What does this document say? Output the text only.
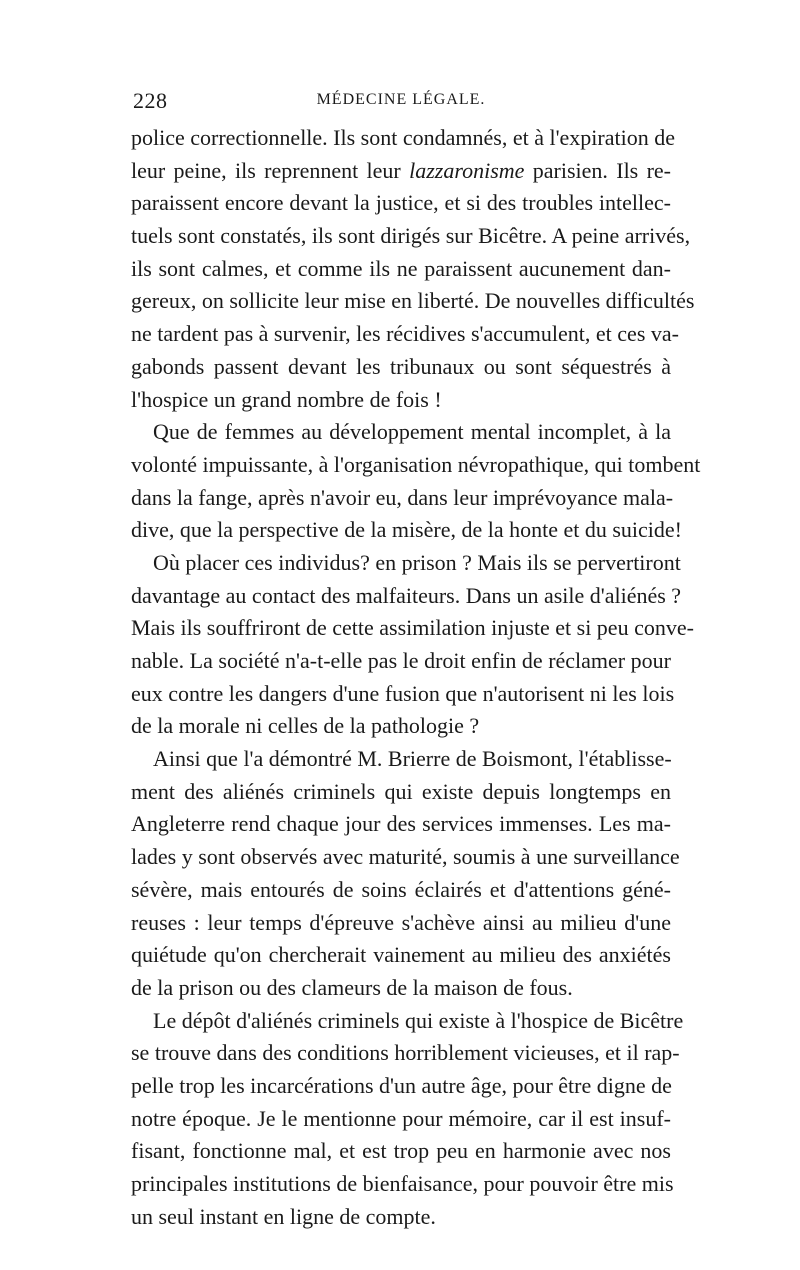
228	MÉDECINE LÉGALE.
police correctionnelle. Ils sont condamnés, et à l'expiration de
leur peine, ils reprennent leur lazzaronisme parisien. Ils re-
paraissent encore devant la justice, et si des troubles intellec-
tuels sont constatés, ils sont dirigés sur Bicêtre. A peine arrivés,
ils sont calmes, et comme ils ne paraissent aucunement dan-
gereux, on sollicite leur mise en liberté. De nouvelles difficultés
ne tardent pas à survenir, les récidives s'accumulent, et ces va-
gabonds passent devant les tribunaux ou sont séquestrés à
l'hospice un grand nombre de fois !
Que de femmes au développement mental incomplet, à la
volonté impuissante, à l'organisation névropathique, qui tombent
dans la fange, après n'avoir eu, dans leur imprévoyance mala-
dive, que la perspective de la misère, de la honte et du suicide!
Où placer ces individus? en prison ? Mais ils se pervertiront
davantage au contact des malfaiteurs. Dans un asile d'aliénés ?
Mais ils souffriront de cette assimilation injuste et si peu conve-
nable. La société n'a-t-elle pas le droit enfin de réclamer pour
eux contre les dangers d'une fusion que n'autorisent ni les lois
de la morale ni celles de la pathologie ?
Ainsi que l'a démontré M. Brierre de Boismont, l'établisse-
ment des aliénés criminels qui existe depuis longtemps en
Angleterre rend chaque jour des services immenses. Les ma-
lades y sont observés avec maturité, soumis à une surveillance
sévère, mais entourés de soins éclairés et d'attentions géné-
reuses : leur temps d'épreuve s'achève ainsi au milieu d'une
quiétude qu'on chercherait vainement au milieu des anxiétés
de la prison ou des clameurs de la maison de fous.
Le dépôt d'aliénés criminels qui existe à l'hospice de Bicêtre
se trouve dans des conditions horriblement vicieuses, et il rap-
pelle trop les incarcérations d'un autre âge, pour être digne de
notre époque. Je le mentionne pour mémoire, car il est insuf-
fisant, fonctionne mal, et est trop peu en harmonie avec nos
principales institutions de bienfaisance, pour pouvoir être mis
un seul instant en ligne de compte.
